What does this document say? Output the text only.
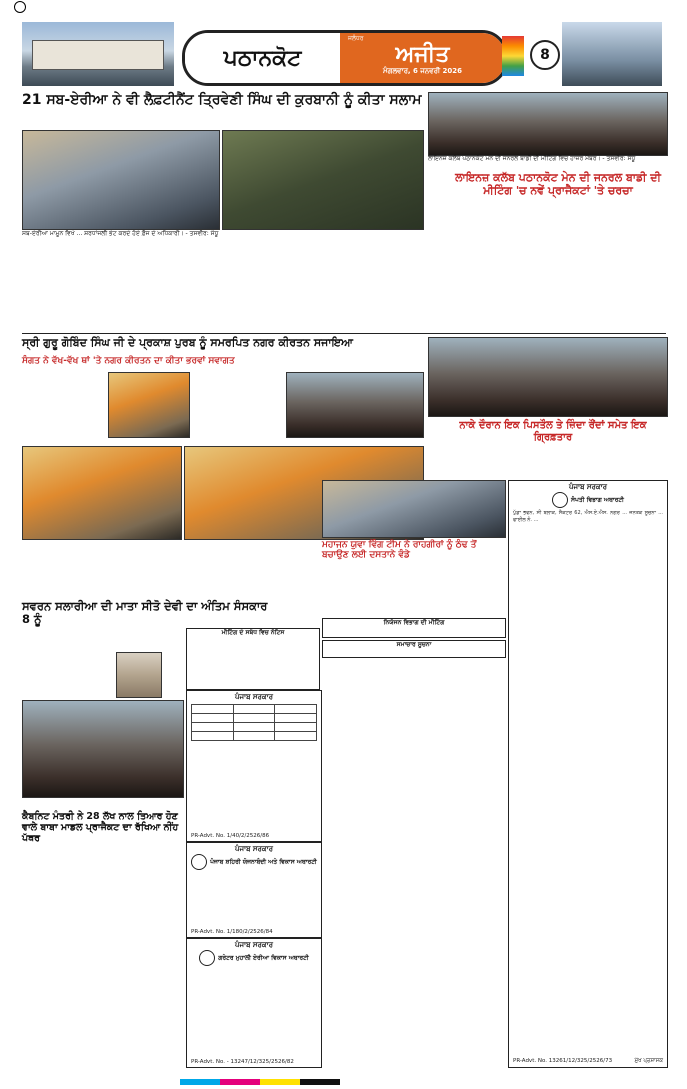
ਪਠਾਨਕੋਟ
ਜਲੰਧਰ
ਅਜੀਤ
ਮੰਗਲਵਾਰ, 6 ਜਨਵਰੀ 2026
8
21 ਸਬ-ਏਰੀਆ ਨੇ ਵੀ ਲੈਫ਼ਟੀਨੈਂਟ ਤ੍ਰਿਵੇਣੀ ਸਿੰਘ ਦੀ ਕੁਰਬਾਨੀ ਨੂੰ ਕੀਤਾ ਸਲਾਮ
ਸਬ-ਏਰੀਆ ਮਾਮੂਨ ਵਿਖੇ ... ਸ਼ਰਧਾਂਜਲੀ ਭੇਟ ਕਰਦੇ ਹੋਏ ਫ਼ੌਜ ਦੇ ਅਧਿਕਾਰੀ। - ਤਸਵੀਰ: ਸੰਧੂ
ਲਾਇਨਜ਼ ਕਲੱਬ ਪਠਾਨਕੋਟ ਮੇਨ ਦੀ ਜਨਰਲ ਬਾਡੀ ਦੀ ਮੀਟਿੰਗ ਵਿਚ ਹਾਜ਼ਰ ਮੈਂਬਰ। - ਤਸਵੀਰ: ਸੰਧੂ
ਲਾਇਨਜ਼ ਕਲੱਬ ਪਠਾਨਕੋਟ ਮੇਨ ਦੀ ਜਨਰਲ ਬਾਡੀ ਦੀ ਮੀਟਿੰਗ 'ਚ ਨਵੇਂ ਪ੍ਰਾਜੈਕਟਾਂ 'ਤੇ ਚਰਚਾ
ਸ੍ਰੀ ਗੁਰੂ ਗੋਬਿੰਦ ਸਿੰਘ ਜੀ ਦੇ ਪ੍ਰਕਾਸ਼ ਪੁਰਬ ਨੂੰ ਸਮਰਪਿਤ ਨਗਰ ਕੀਰਤਨ ਸਜਾਇਆ
ਸੰਗਤ ਨੇ ਵੱਖ-ਵੱਖ ਥਾਂ 'ਤੇ ਨਗਰ ਕੀਰਤਨ ਦਾ ਕੀਤਾ ਭਰਵਾਂ ਸਵਾਗਤ
ਨਾਕੇ ਦੌਰਾਨ ਇਕ ਪਿਸਤੌਲ ਤੇ ਜ਼ਿੰਦਾ ਰੌਂਦਾਂ ਸਮੇਤ ਇਕ ਗ੍ਰਿਫ਼ਤਾਰ
ਮਹਾਜਨ ਯੁਵਾ ਵਿੰਗ ਟੀਮ ਨੇ ਰਾਹਗੀਰਾਂ ਨੂੰ ਠੰਢ ਤੋਂ ਬਚਾਉਣ ਲਈ ਦਸਤਾਨੇ ਵੰਡੇ
ਸਵਰਨ ਸਲਾਰੀਆ ਦੀ ਮਾਤਾ ਸੀਤੋ ਦੇਵੀ ਦਾ ਅੰਤਿਮ ਸੰਸਕਾਰ 8 ਨੂੰ
ਮੀਟਿੰਗ ਦੇ ਸਬੰਧ ਵਿਚ ਨੋਟਿਸ
ਨਿਯੋਜਨ ਵਿਭਾਗ ਦੀ ਮੀਟਿੰਗ
ਸਮਾਚਾਰ ਸੂਚਨਾ
ਪੰਜਾਬ ਸਰਕਾਰ

PR-Advt. No. 1/40/2/2526/86
ਪੰਜਾਬ ਸਰਕਾਰ
ਪੰਜਾਬ ਸ਼ਹਿਰੀ ਯੋਜਨਾਬੰਦੀ ਅਤੇ ਵਿਕਾਸ ਅਥਾਰਟੀ
PR-Advt. No. 1/180/2/2526/84
ਪੰਜਾਬ ਸਰਕਾਰ
ਗਰੇਟਰ ਮੁਹਾਲੀ ਏਰੀਆ ਵਿਕਾਸ ਅਥਾਰਟੀ
PR-Advt. No. - 13247/12/325/2526/82
ਕੈਬਨਿਟ ਮੰਤਰੀ ਨੇ 28 ਲੱਖ ਨਾਲ ਤਿਆਰ ਹੋਣ ਵਾਲੇ ਬਾਬਾ ਮਾਡਲ ਪ੍ਰਾਜੈਕਟ ਦਾ ਰੱਖਿਆ ਨੀਂਹ ਪੱਥਰ
ਪੰਜਾਬ ਸਰਕਾਰ
ਸੰਪਤੀ ਵਿਭਾਗ ਅਥਾਰਟੀ
ਪੁੱਡਾ ਭਵਨ, ਸੀ ਬਲਾਕ, ਸੈਕਟਰ 62, ਐਸ.ਏ.ਐਸ. ਨਗਰ ... ਜਨਤਕ ਸੂਚਨਾ ... ਫਾਈਲ ਨੰ. ...
PR-Advt. No. 13261/12/325/2526/73	ਮੁੱਖ ਪ੍ਰਸ਼ਾਸਕ
